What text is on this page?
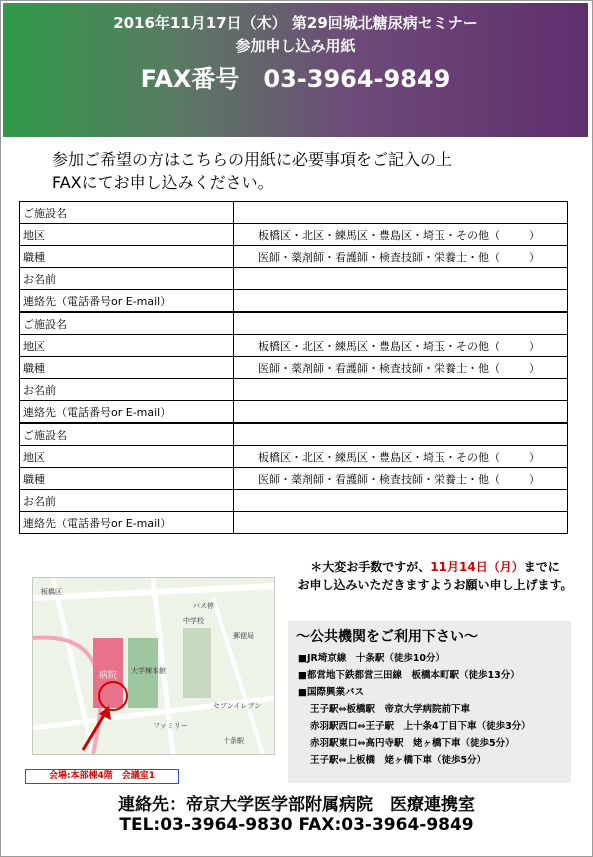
2016年11月17日（木） 第29回城北糖尿病セミナー
参加申し込み用紙
FAX番号　03-3964-9849
参加ご希望の方はこちらの用紙に必要事項をご記入の上
FAXにてお申し込みください。
ご施設名	
地区	板橋区・北区・練馬区・豊島区・埼玉・その他（ ）

職種	医師・薬剤師・看護師・検査技師・栄養士・他（ ）

お名前	
連絡先（電話番号or E-mail）	
ご施設名	
地区	板橋区・北区・練馬区・豊島区・埼玉・その他（ ）

職種	医師・薬剤師・看護師・検査技師・栄養士・他（ ）

お名前	
連絡先（電話番号or E-mail）	
ご施設名	
地区	板橋区・北区・練馬区・豊島区・埼玉・その他（ ）

職種	医師・薬剤師・看護師・検査技師・栄養士・他（ ）

お名前	
連絡先（電話番号or E-mail）	
＊大変お手数ですが、11月14日（月）までに
お申し込みいただきますようお願い申し上げます。
病院 大学棟本館
中学校
バス停
ファミリー
セブンイレブン
板橋区
十条駅
郵便局
会場:本部棟4階　会議室1
～公共機関をご利用下さい～
■JR埼京線　十条駅（徒歩10分）
■都営地下鉄都営三田線　板橋本町駅（徒歩13分）
■国際興業バス
王子駅⇔板橋駅　帝京大学病院前下車
赤羽駅西口⇔王子駅　上十条4丁目下車（徒歩3分）
赤羽駅東口⇔高円寺駅　姥ヶ橋下車（徒歩5分）
王子駅⇔上板橋　姥ヶ橋下車（徒歩5分）
連絡先：帝京大学医学部附属病院　医療連携室
TEL:03-3964-9830 FAX:03-3964-9849
